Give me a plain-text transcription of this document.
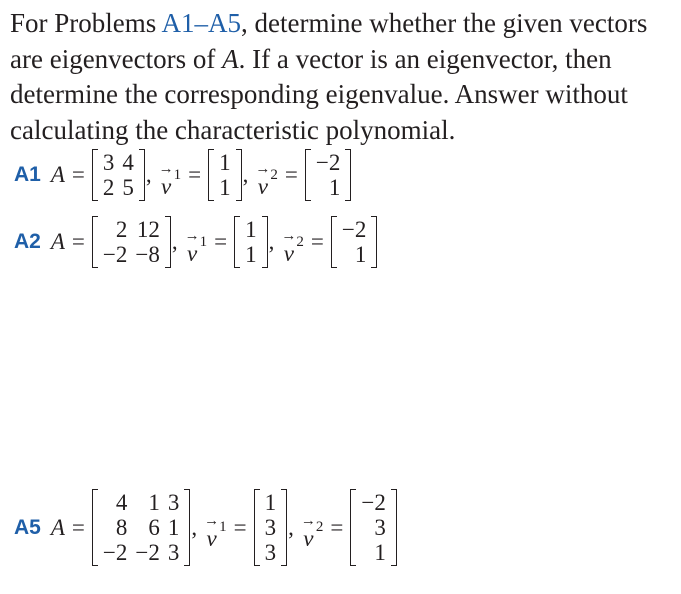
For Problems A1–A5, determine whether the given vectors are eigenvectors of A. If a vector is an eigenvector, then determine the corresponding eigenvalue. Answer without calculating the characteristic polynomial.
A1 A = 3	4
2	5
, →
v $_1$ = 1
1
, →
v $_2$ = −2
1
A2 A = 2	12
−2	−8
, →
v $_1$ = 1
1
, →
v $_2$ = −2
1
A5 A =
4	1	3
8	6	1
−2	−2	3
, →
v $_1$ =
1
3
3
, →
v $_2$ =
−2
3
1
